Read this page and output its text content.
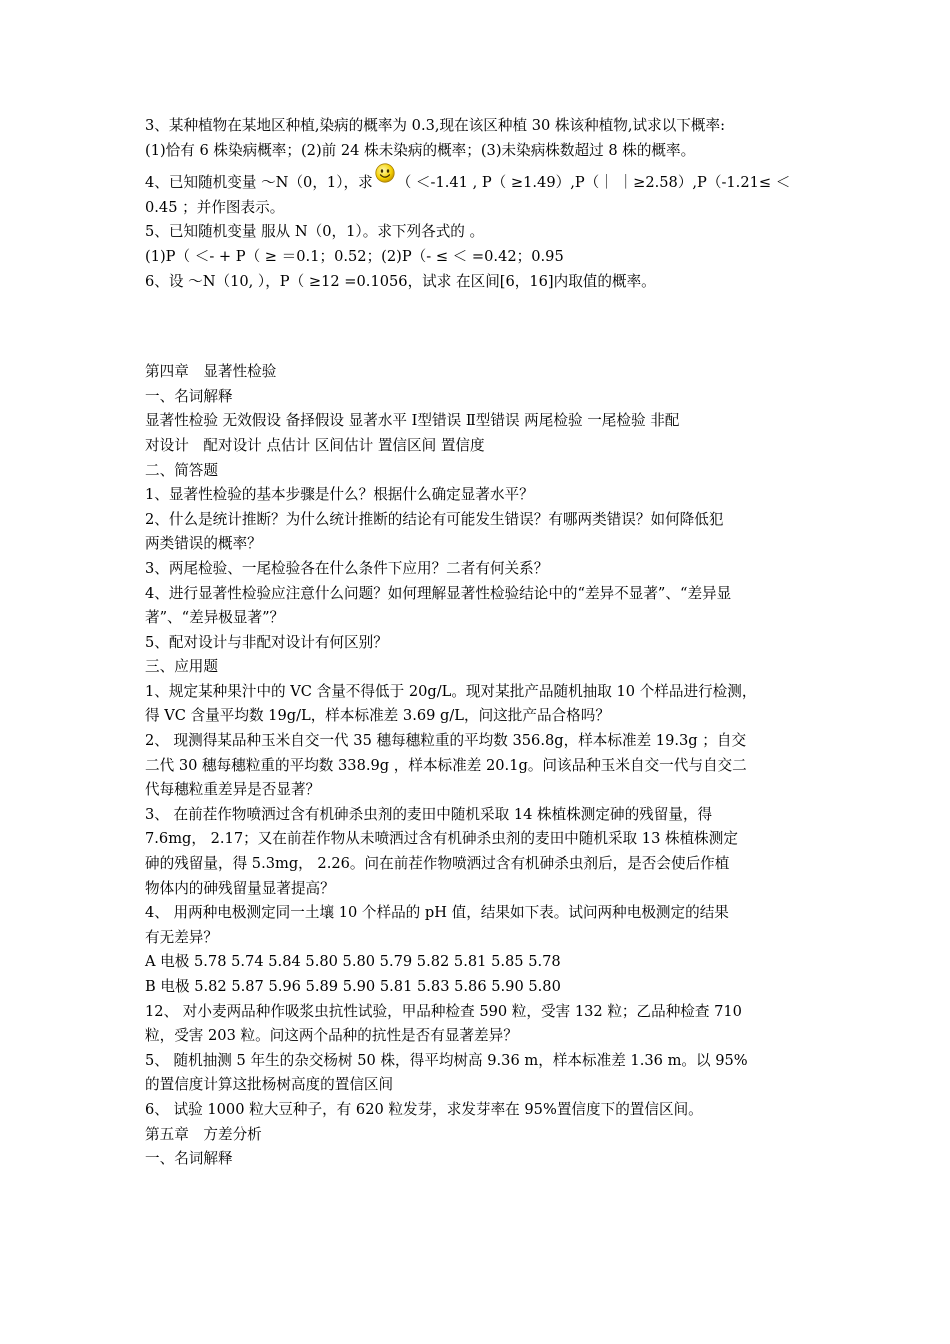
3、某种植物在某地区种植,染病的概率为 0.3,现在该区种植 30 株该种植物,试求以下概率:

(1)恰有 6 株染病概率；(2)前 24 株未染病的概率；(3)未染病株数超过 8 株的概率。

4、已知随机变量 ～N（0，1），求 （ ＜-1.41 , P（ ≥1.49）,P（｜ ｜≥2.58）,P（-1.21≤ ＜

0.45 ；并作图表示。

5、已知随机变量 服从 N（0，1）。求下列各式的 。

(1)P（ ＜- + P（ ≥ ＝0.1；0.52；(2)P（- ≤ ＜ =0.42；0.95

6、设 ～N（10, ），P（ ≥12 =0.1056，试求 在区间[6，16]内取值的概率。

第四章　显著性检验

一、名词解释

显著性检验 无效假设 备择假设 显著水平 Ⅰ型错误 Ⅱ型错误 两尾检验 一尾检验 非配

对设计　配对设计 点估计 区间估计 置信区间 置信度

二、简答题

1、显著性检验的基本步骤是什么？根据什么确定显著水平？

2、什么是统计推断？为什么统计推断的结论有可能发生错误？有哪两类错误？如何降低犯

两类错误的概率？

3、两尾检验、一尾检验各在什么条件下应用？二者有何关系？

4、进行显著性检验应注意什么问题？如何理解显著性检验结论中的“差异不显著”、“差异显

著”、“差异极显著”？

5、配对设计与非配对设计有何区别？

三、应用题

1、规定某种果汁中的 VC 含量不得低于 20g/L。现对某批产品随机抽取 10 个样品进行检测，

得 VC 含量平均数 19g/L，样本标准差 3.69 g/L，问这批产品合格吗？

2、 现测得某品种玉米自交一代 35 穗每穗粒重的平均数 356.8g，样本标准差 19.3g ；自交

二代 30 穗每穗粒重的平均数 338.9g ，样本标准差 20.1g。问该品种玉米自交一代与自交二

代每穗粒重差异是否显著？

3、 在前茬作物喷洒过含有机砷杀虫剂的麦田中随机采取 14 株植株测定砷的残留量，得

7.6mg， 2.17；又在前茬作物从未喷洒过含有机砷杀虫剂的麦田中随机采取 13 株植株测定

砷的残留量，得 5.3mg， 2.26。问在前茬作物喷洒过含有机砷杀虫剂后，是否会使后作植

物体内的砷残留量显著提高？

4、 用两种电极测定同一土壤 10 个样品的 pH 值，结果如下表。试问两种电极测定的结果

有无差异？

A 电极 5.78 5.74 5.84 5.80 5.80 5.79 5.82 5.81 5.85 5.78

B 电极 5.82 5.87 5.96 5.89 5.90 5.81 5.83 5.86 5.90 5.80

12、 对小麦两品种作吸浆虫抗性试验，甲品种检查 590 粒，受害 132 粒；乙品种检查 710

粒，受害 203 粒。问这两个品种的抗性是否有显著差异？

5、 随机抽测 5 年生的杂交杨树 50 株，得平均树高 9.36 m，样本标准差 1.36 m。以 95%

的置信度计算这批杨树高度的置信区间

6、 试验 1000 粒大豆种子，有 620 粒发芽，求发芽率在 95%置信度下的置信区间。

第五章　方差分析

一、名词解释
